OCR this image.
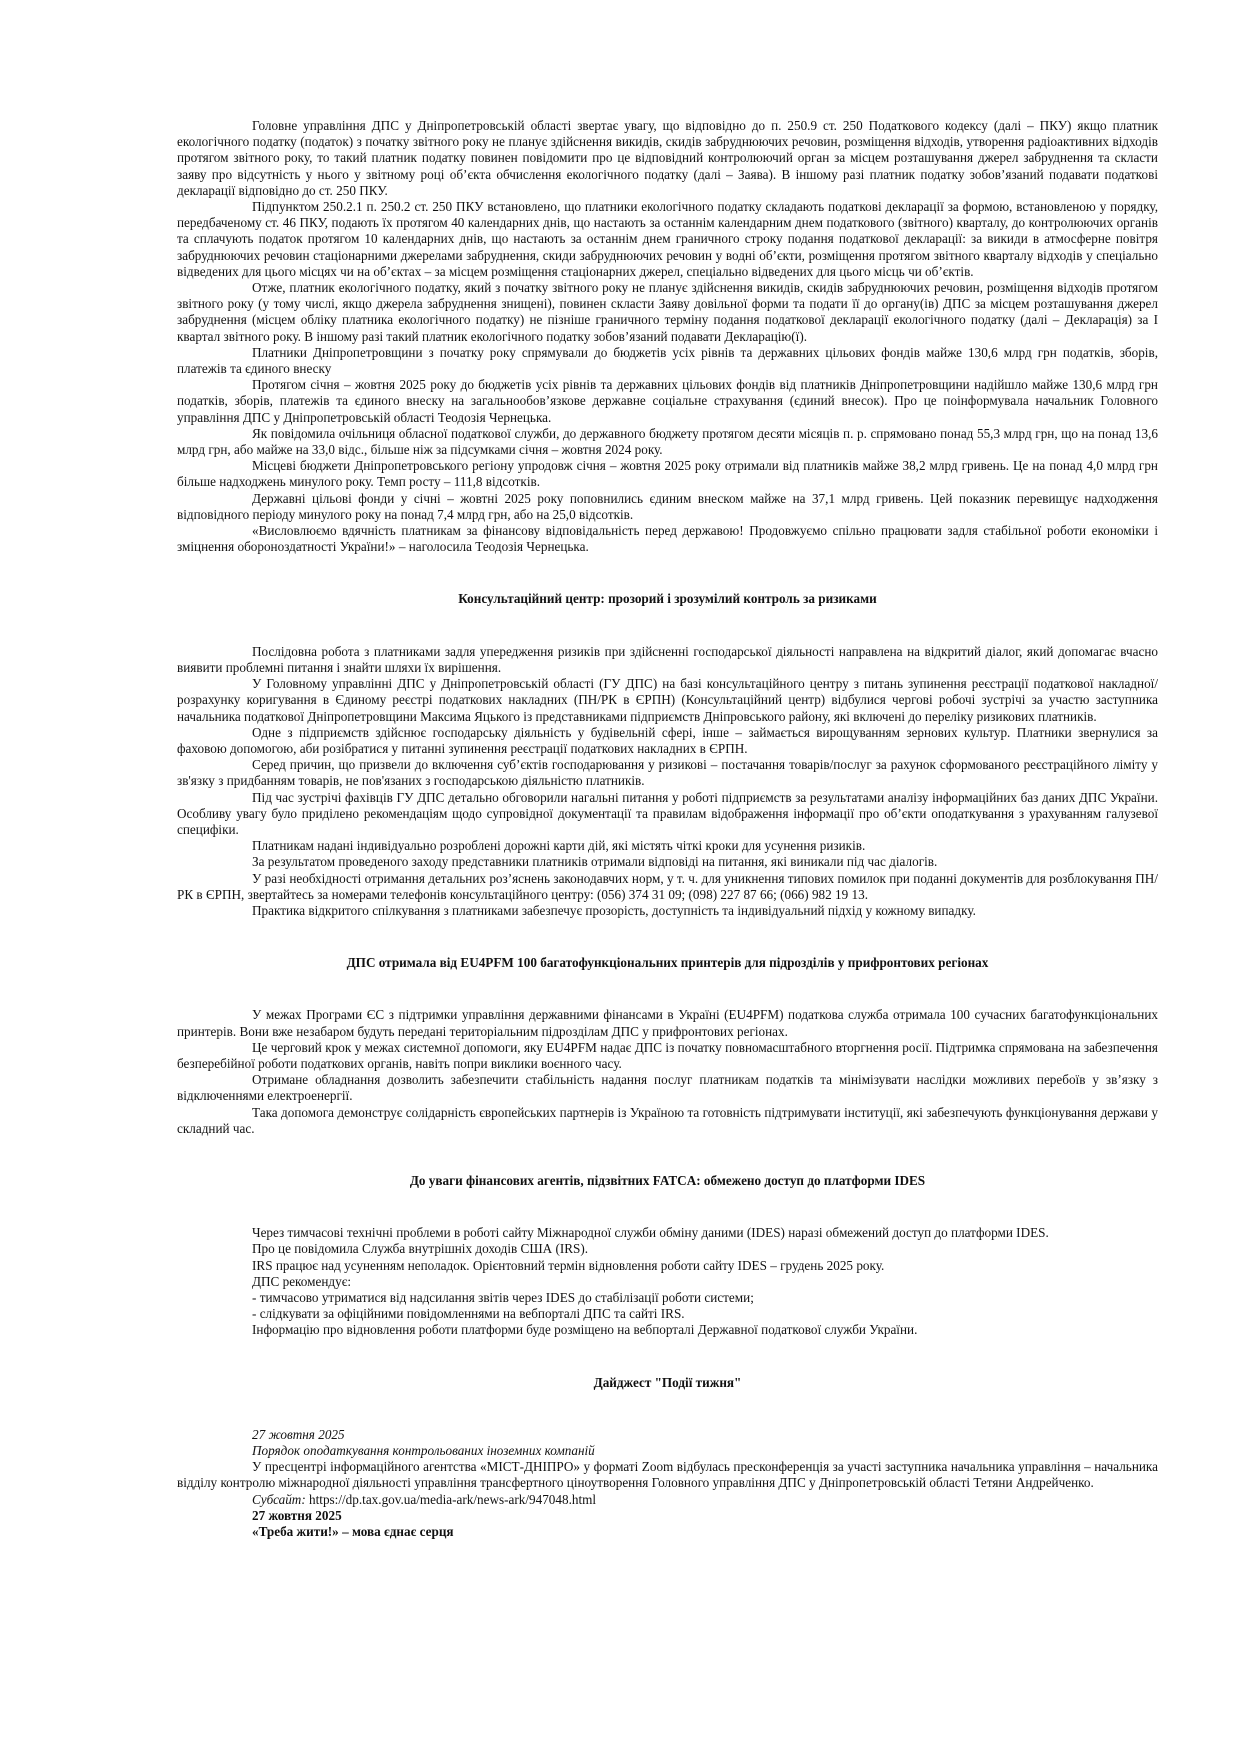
Головне управління ДПС у Дніпропетровській області звертає увагу, що відповідно до п. 250.9 ст. 250 Податкового кодексу (далі – ПКУ) якщо платник екологічного податку (податок) з початку звітного року не планує здійснення викидів, скидів забруднюючих речовин, розміщення відходів, утворення радіоактивних відходів протягом звітного року, то такий платник податку повинен повідомити про це відповідний контролюючий орган за місцем розташування джерел забруднення та скласти заяву про відсутність у нього у звітному році об’єкта обчислення екологічного податку (далі – Заява). В іншому разі платник податку зобов’язаний подавати податкові декларації відповідно до ст. 250 ПКУ.

Підпунктом 250.2.1 п. 250.2 ст. 250 ПКУ встановлено, що платники екологічного податку складають податкові декларації за формою, встановленою у порядку, передбаченому ст. 46 ПКУ, подають їх протягом 40 календарних днів, що настають за останнім календарним днем податкового (звітного) кварталу, до контролюючих органів та сплачують податок протягом 10 календарних днів, що настають за останнім днем граничного строку подання податкової декларації: за викиди в атмосферне повітря забруднюючих речовин стаціонарними джерелами забруднення, скиди забруднюючих речовин у водні об’єкти, розміщення протягом звітного кварталу відходів у спеціально відведених для цього місцях чи на об’єктах – за місцем розміщення стаціонарних джерел, спеціально відведених для цього місць чи об’єктів.

Отже, платник екологічного податку, який з початку звітного року не планує здійснення викидів, скидів забруднюючих речовин, розміщення відходів протягом звітного року (у тому числі, якщо джерела забруднення знищені), повинен скласти Заяву довільної форми та подати її до органу(ів) ДПС за місцем розташування джерел забруднення (місцем обліку платника екологічного податку) не пізніше граничного терміну подання податкової декларації екологічного податку (далі – Декларація) за І квартал звітного року. В іншому разі такий платник екологічного податку зобов’язаний подавати Декларацію(ї).

Платники Дніпропетровщини з початку року спрямували до бюджетів усіх рівнів та державних цільових фондів майже 130,6 млрд грн податків, зборів, платежів та єдиного внеску

Протягом січня – жовтня 2025 року до бюджетів усіх рівнів та державних цільових фондів від платників Дніпропетровщини надійшло майже 130,6 млрд грн податків, зборів, платежів та єдиного внеску на загальнообов’язкове державне соціальне страхування (єдиний внесок). Про це поінформувала начальник Головного управління ДПС у Дніпропетровській області Теодозія Чернецька.

Як повідомила очільниця обласної податкової служби, до державного бюджету протягом десяти місяців п. р. спрямовано понад 55,3 млрд грн, що на понад 13,6 млрд грн, або майже на 33,0 відс., більше ніж за підсумками січня – жовтня 2024 року.

Місцеві бюджети Дніпропетровського регіону упродовж січня – жовтня 2025 року отримали від платників майже 38,2 млрд гривень. Це на понад 4,0 млрд грн більше надходжень минулого року. Темп росту – 111,8 відсотків.

Державні цільові фонди у січні – жовтні 2025 року поповнились єдиним внеском майже на 37,1 млрд гривень. Цей показник перевищує надходження відповідного періоду минулого року на понад 7,4 млрд грн, або на 25,0 відсотків.

«Висловлюємо вдячність платникам за фінансову відповідальність перед державою! Продовжуємо спільно працювати задля стабільної роботи економіки і зміцнення обороноздатності України!» – наголосила Теодозія Чернецька.

Консультаційний центр: прозорий і зрозумілий контроль за ризиками

Послідовна робота з платниками задля упередження ризиків при здійсненні господарської діяльності направлена на відкритий діалог, який допомагає вчасно виявити проблемні питання і знайти шляхи їх вирішення.

У Головному управлінні ДПС у Дніпропетровській області (ГУ ДПС) на базі консультаційного центру з питань зупинення реєстрації податкової накладної/розрахунку коригування в Єдиному реєстрі податкових накладних (ПН/РК в ЄРПН) (Консультаційний центр) відбулися чергові робочі зустрічі за участю заступника начальника податкової Дніпропетровщини Максима Яцького із представниками підприємств Дніпровського району, які включені до переліку ризикових платників.

Одне з підприємств здійснює господарську діяльність у будівельній сфері, інше – займається вирощуванням зернових культур. Платники звернулися за фаховою допомогою, аби розібратися у питанні зупинення реєстрації податкових накладних в ЄРПН.

Серед причин, що призвели до включення суб’єктів господарювання у ризикові – постачання товарів/послуг за рахунок сформованого реєстраційного ліміту у зв'язку з придбанням товарів, не пов'язаних з господарською діяльністю платників.

Під час зустрічі фахівців ГУ ДПС детально обговорили нагальні питання у роботі підприємств за результатами аналізу інформаційних баз даних ДПС України. Особливу увагу було приділено рекомендаціям щодо супровідної документації та правилам відображення інформації про об’єкти оподаткування з урахуванням галузевої специфіки.

Платникам надані індивідуально розроблені дорожні карти дій, які містять чіткі кроки для усунення ризиків.

За результатом проведеного заходу представники платників отримали відповіді на питання, які виникали під час діалогів.

У разі необхідності отримання детальних роз’яснень законодавчих норм, у т. ч. для уникнення типових помилок при поданні документів для розблокування ПН/РК в ЄРПН, звертайтесь за номерами телефонів консультаційного центру: (056) 374 31 09; (098) 227 87 66; (066) 982 19 13.

Практика відкритого спілкування з платниками забезпечує прозорість, доступність та індивідуальний підхід у кожному випадку.

ДПС отримала від EU4PFM 100 багатофункціональних принтерів для підрозділів у прифронтових регіонах

У межах Програми ЄС з підтримки управління державними фінансами в Україні (EU4PFM) податкова служба отримала 100 сучасних багатофункціональних принтерів. Вони вже незабаром будуть передані територіальним підрозділам ДПС у прифронтових регіонах.

Це черговий крок у межах системної допомоги, яку EU4PFM надає ДПС із початку повномасштабного вторгнення росії. Підтримка спрямована на забезпечення безперебійної роботи податкових органів, навіть попри виклики воєнного часу.

Отримане обладнання дозволить забезпечити стабільність надання послуг платникам податків та мінімізувати наслідки можливих перебоїв у зв’язку з відключеннями електроенергії.

Така допомога демонструє солідарність європейських партнерів із Україною та готовність підтримувати інституції, які забезпечують функціонування держави у складний час.

До уваги фінансових агентів, підзвітних FATCA: обмежено доступ до платформи IDES

Через тимчасові технічні проблеми в роботі сайту Міжнародної служби обміну даними (IDES) наразі обмежений доступ до платформи IDES.

Про це повідомила Служба внутрішніх доходів США (IRS).

IRS працює над усуненням неполадок. Орієнтовний термін відновлення роботи сайту IDES – грудень 2025 року.

ДПС рекомендує:

- тимчасово утриматися від надсилання звітів через IDES до стабілізації роботи системи;

- слідкувати за офіційними повідомленнями на вебпорталі ДПС та сайті IRS.

Інформацію про відновлення роботи платформи буде розміщено на вебпорталі Державної податкової служби України.

Дайджест "Події тижня"

27 жовтня 2025

Порядок оподаткування контрольованих іноземних компаній

У пресцентрі інформаційного агентства «МІСТ-ДНІПРО» у форматі Zoom відбулась пресконференція за участі заступника начальника управління – начальника відділу контролю міжнародної діяльності управління трансфертного ціноутворення Головного управління ДПС у Дніпропетровській області Тетяни Андрейченко.

Субсайт: https://dp.tax.gov.ua/media-ark/news-ark/947048.html

27 жовтня 2025

«Треба жити!» – мова єднає серця
